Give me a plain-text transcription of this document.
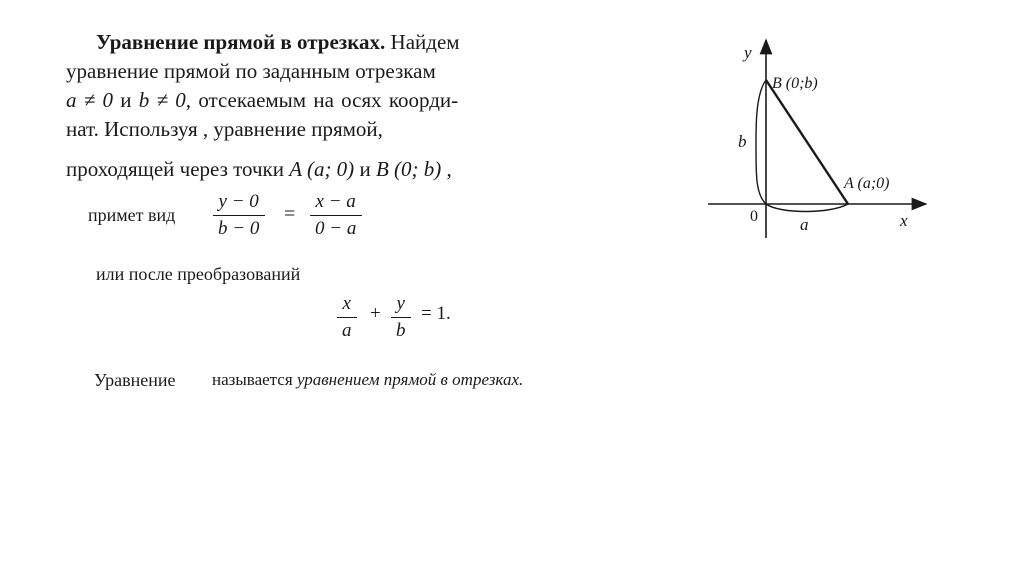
Уравнение прямой в отрезках. Найдем
уравнение прямой по заданным отрезкам
a ≠ 0 и b ≠ 0, отсекаемым на осях коорди-
нат. Используя , уравнение прямой,
проходящей через точки A (a; 0) и B (0; b) ,
примет вид $\frac{y - 0}{b - 0} = \frac{x - a}{0 - a}$
или после преобразований
$\frac{x}{a} + \frac{y}{b} = 1$.
Уравнение называется уравнением прямой в отрезках.
y
x
0
B (0;b)
A (a;0)
b
a
